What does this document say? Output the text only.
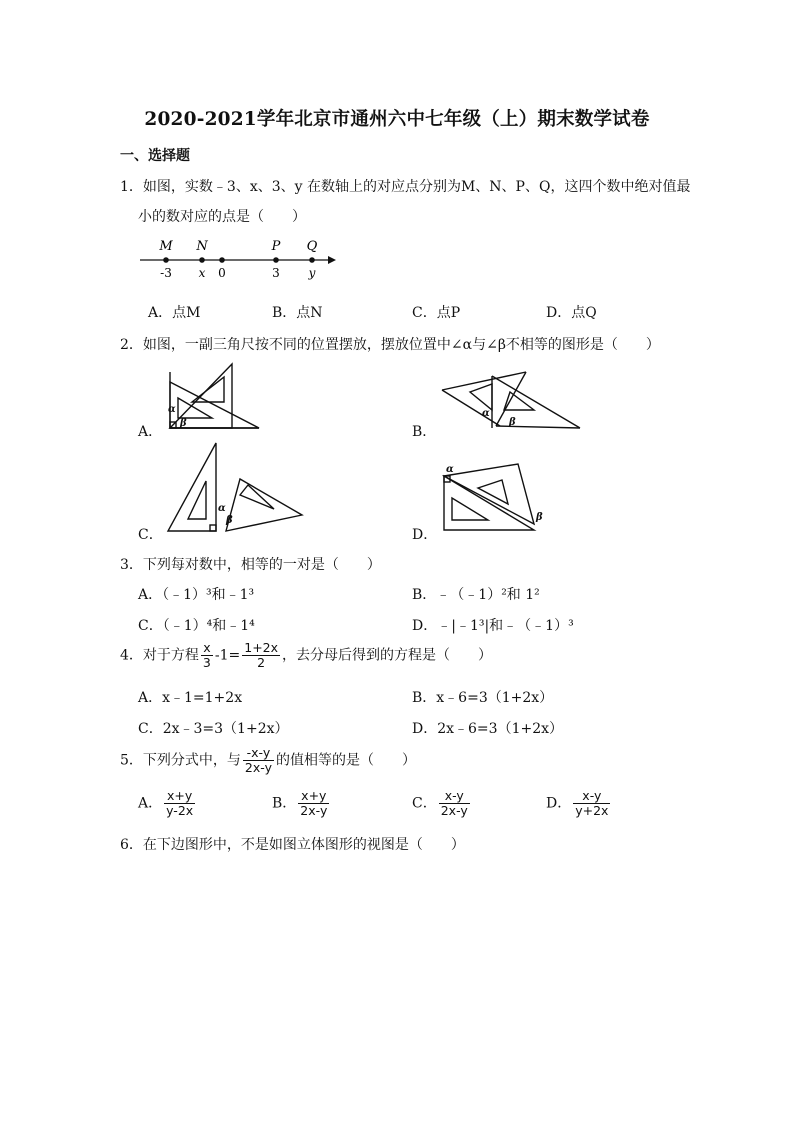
2020-2021学年北京市通州六中七年级（上）期末数学试卷
一、选择题
1．如图，实数﹣3、x、3、y 在数轴上的对应点分别为M、N、P、Q，这四个数中绝对值最
小的数对应的点是（　　）
M
-3
N
x 0
P
3
Q
y
A．点M	B．点N	C．点P	D．点Q
2．如图，一副三角尺按不同的位置摆放，摆放位置中∠α与∠β不相等的图形是（　　）
A．
α
β
B．
α
β
C．
α
β
D．
α
β
3．下列每对数中，相等的一对是（　　）
A．（﹣1）³和﹣1³	B．﹣（﹣1）²和 1²
C．（﹣1）⁴和﹣1⁴	D．﹣|﹣1³|和﹣（﹣1）³
4．对于方程 $\frac{x}{3} -1= \frac{1+2x}{2}$ ，去分母后得到的方程是（　　）
A．x﹣1=1+2x	B．x﹣6=3（1+2x）
C．2x﹣3=3（1+2x）	D．2x﹣6=3（1+2x）
5．下列分式中，与 $\frac{-x-y}{2x-y}$ 的值相等的是（　　）
A． $\frac{x+y}{y-2x}$	B． $\frac{x+y}{2x-y}$	C． $\frac{x-y}{2x-y}$	D． $\frac{x-y}{y+2x}$
6．在下边图形中，不是如图立体图形的视图是（　　）
